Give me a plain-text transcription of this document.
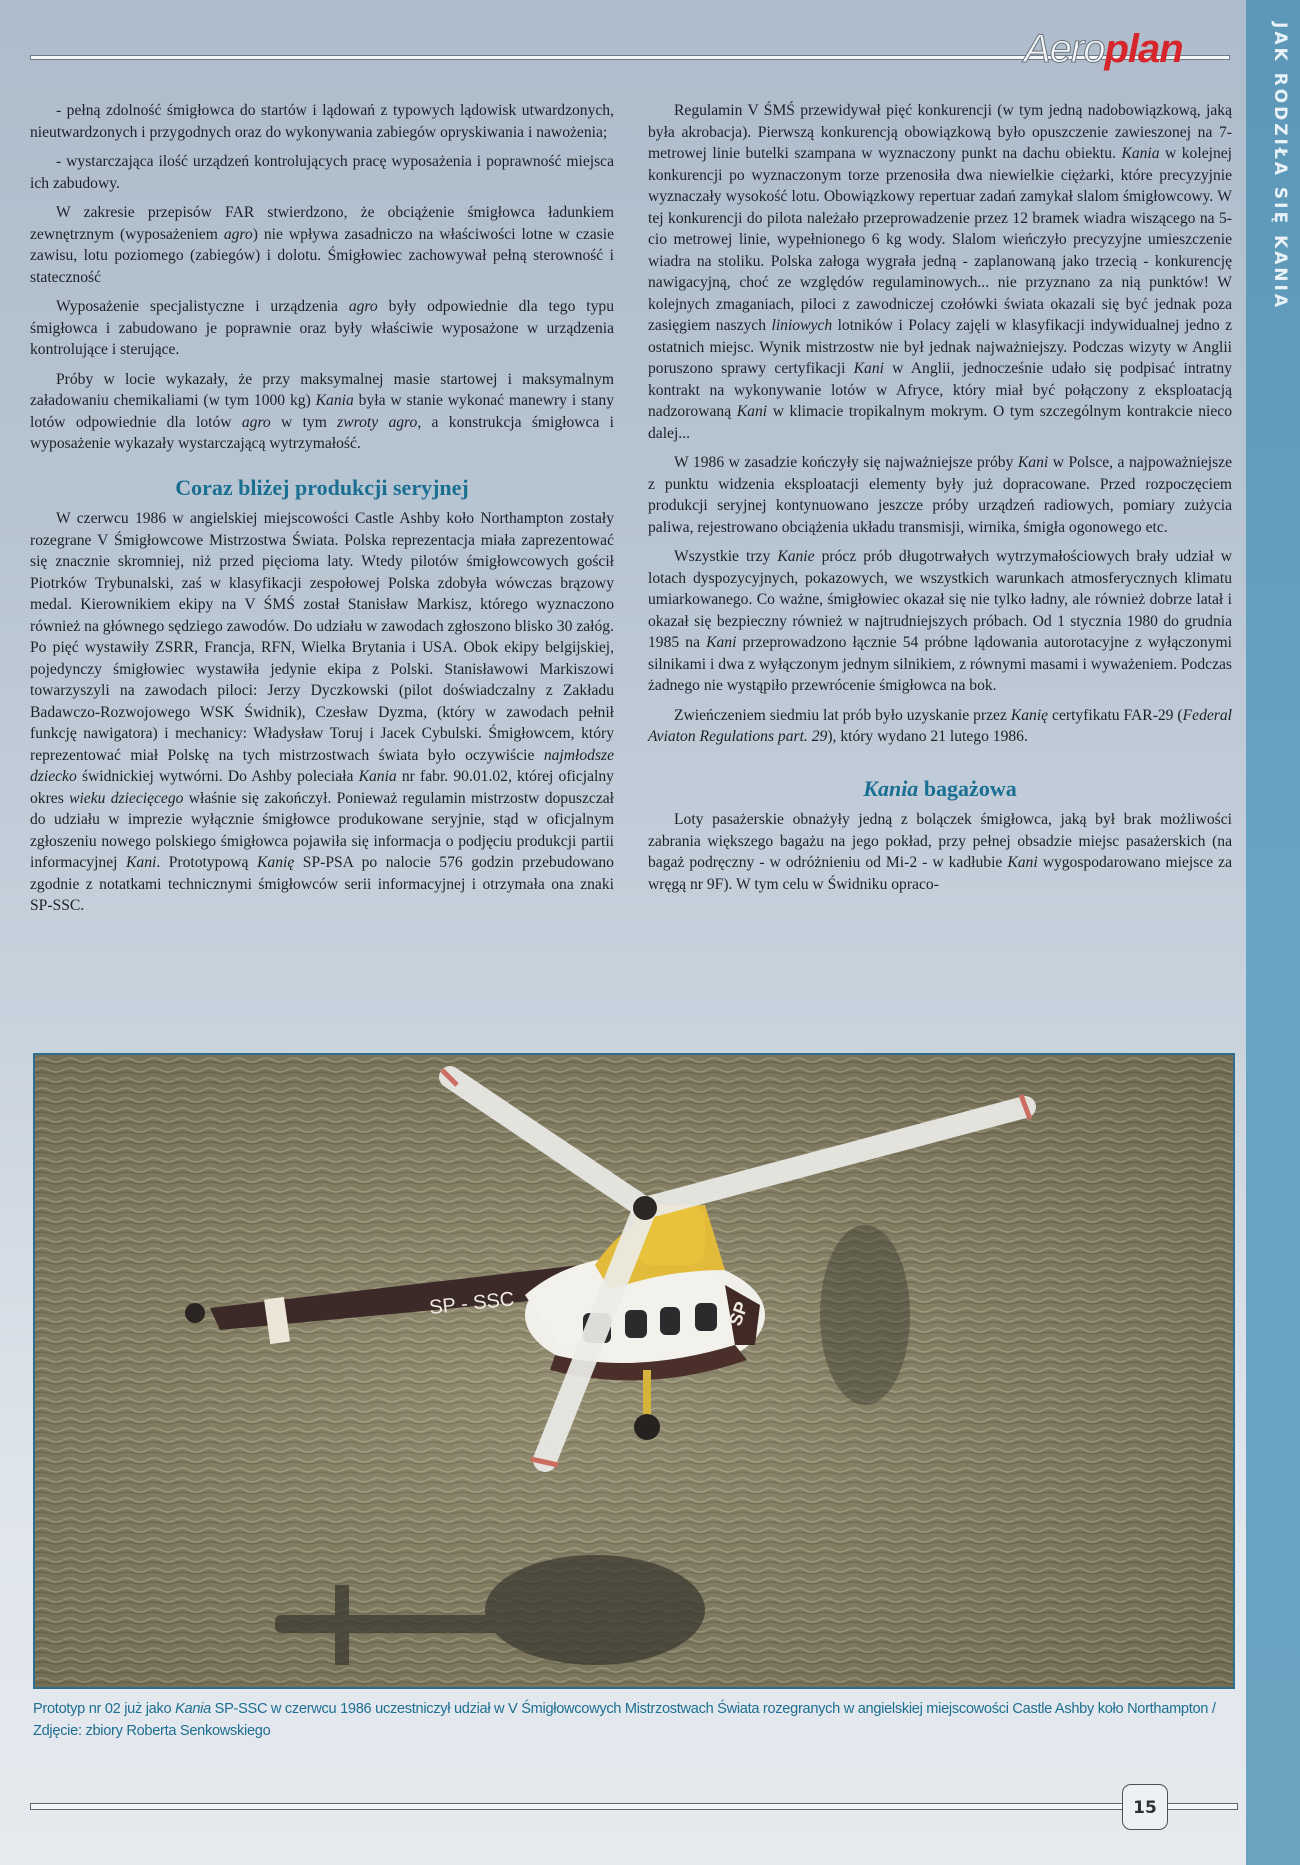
JAK RODZIŁA SIĘ KANIA
Aeroplan

- pełną zdolność śmigłowca do startów i lądowań z typowych lądowisk utwardzonych, nieutwardzonych i przygodnych oraz do wykonywania zabiegów opryskiwania i nawożenia;

- wystarczająca ilość urządzeń kontrolujących pracę wyposażenia i poprawność miejsca ich zabudowy.

W zakresie przepisów FAR stwierdzono, że obciążenie śmigłowca ładunkiem zewnętrznym (wyposażeniem agro) nie wpływa zasadniczo na właściwości lotne w czasie zawisu, lotu poziomego (zabiegów) i dolotu. Śmigłowiec zachowywał pełną sterowność i stateczność

Wyposażenie specjalistyczne i urządzenia agro były odpowiednie dla tego typu śmigłowca i zabudowano je poprawnie oraz były właściwie wyposażone w urządzenia kontrolujące i sterujące.

Próby w locie wykazały, że przy maksymalnej masie startowej i maksymalnym załadowaniu chemikaliami (w tym 1000 kg) Kania była w stanie wykonać manewry i stany lotów odpowiednie dla lotów agro w tym zwroty agro, a konstrukcja śmigłowca i wyposażenie wykazały wystarczającą wytrzymałość.

Coraz bliżej produkcji seryjnej

W czerwcu 1986 w angielskiej miejscowości Castle Ashby koło Northampton zostały rozegrane V Śmigłowcowe Mistrzostwa Świata. Polska reprezentacja miała zaprezentować się znacznie skromniej, niż przed pięcioma laty. Wtedy pilotów śmigłowcowych gościł Piotrków Trybunalski, zaś w klasyfikacji zespołowej Polska zdobyła wówczas brązowy medal. Kierownikiem ekipy na V ŚMŚ został Stanisław Markisz, którego wyznaczono również na głównego sędziego zawodów. Do udziału w zawodach zgłoszono blisko 30 załóg. Po pięć wystawiły ZSRR, Francja, RFN, Wielka Brytania i USA. Obok ekipy belgijskiej, pojedynczy śmigłowiec wystawiła jedynie ekipa z Polski. Stanisławowi Markiszowi towarzyszyli na zawodach piloci: Jerzy Dyczkowski (pilot doświadczalny z Zakładu Badawczo-Rozwojowego WSK Świdnik), Czesław Dyzma, (który w zawodach pełnił funkcję nawigatora) i mechanicy: Władysław Toruj i Jacek Cybulski. Śmigłowcem, który reprezentować miał Polskę na tych mistrzostwach świata było oczywiście najmłodsze dziecko świdnickiej wytwórni. Do Ashby poleciała Kania nr fabr. 90.01.02, której oficjalny okres wieku dziecięcego właśnie się zakończył. Ponieważ regulamin mistrzostw dopuszczał do udziału w imprezie wyłącznie śmigłowce produkowane seryjnie, stąd w oficjalnym zgłoszeniu nowego polskiego śmigłowca pojawiła się informacja o podjęciu produkcji partii informacyjnej Kani. Prototypową Kanię SP-PSA po nalocie 576 godzin przebudowano zgodnie z notatkami technicznymi śmigłowców serii informacyjnej i otrzymała ona znaki SP-SSC.

Regulamin V ŚMŚ przewidywał pięć konkurencji (w tym jedną nadobowiązkową, jaką była akrobacja). Pierwszą konkurencją obowiązkową było opuszczenie zawieszonej na 7-metrowej linie butelki szampana w wyznaczony punkt na dachu obiektu. Kania w kolejnej konkurencji po wyznaczonym torze przenosiła dwa niewielkie ciężarki, które precyzyjnie wyznaczały wysokość lotu. Obowiązkowy repertuar zadań zamykał slalom śmigłowcowy. W tej konkurencji do pilota należało przeprowadzenie przez 12 bramek wiadra wiszącego na 5-cio metrowej linie, wypełnionego 6 kg wody. Slalom wieńczyło precyzyjne umieszczenie wiadra na stoliku. Polska załoga wygrała jedną - zaplanowaną jako trzecią - konkurencję nawigacyjną, choć ze względów regulaminowych... nie przyznano za nią punktów! W kolejnych zmaganiach, piloci z zawodniczej czołówki świata okazali się być jednak poza zasięgiem naszych liniowych lotników i Polacy zajęli w klasyfikacji indywidualnej jedno z ostatnich miejsc. Wynik mistrzostw nie był jednak najważniejszy. Podczas wizyty w Anglii poruszono sprawy certyfikacji Kani w Anglii, jednocześnie udało się podpisać intratny kontrakt na wykonywanie lotów w Afryce, który miał być połączony z eksploatacją nadzorowaną Kani w klimacie tropikalnym mokrym. O tym szczególnym kontrakcie nieco dalej...

W 1986 w zasadzie kończyły się najważniejsze próby Kani w Polsce, a najpoważniejsze z punktu widzenia eksploatacji elementy były już dopracowane. Przed rozpoczęciem produkcji seryjnej kontynuowano jeszcze próby urządzeń radiowych, pomiary zużycia paliwa, rejestrowano obciążenia układu transmisji, wirnika, śmigła ogonowego etc.

Wszystkie trzy Kanie prócz prób długotrwałych wytrzymałościowych brały udział w lotach dyspozycyjnych, pokazowych, we wszystkich warunkach atmosferycznych klimatu umiarkowanego. Co ważne, śmigłowiec okazał się nie tylko ładny, ale również dobrze latał i okazał się bezpieczny również w najtrudniejszych próbach. Od 1 stycznia 1980 do grudnia 1985 na Kani przeprowadzono łącznie 54 próbne lądowania autorotacyjne z wyłączonymi silnikami i dwa z wyłączonym jednym silnikiem, z równymi masami i wyważeniem. Podczas żadnego nie wystąpiło przewrócenie śmigłowca na bok.

Zwieńczeniem siedmiu lat prób było uzyskanie przez Kanię certyfikatu FAR-29 (Federal Aviaton Regulations part. 29), który wydano 21 lutego 1986.

Kania bagażowa

Loty pasażerskie obnażyły jedną z bolączek śmigłowca, jaką był brak możliwości zabrania większego bagażu na jego pokład, przy pełnej obsadzie miejsc pasażerskich (na bagaż podręczny - w odróżnieniu od Mi-2 - w kadłubie Kani wygospodarowano miejsce za wręgą nr 9F). W tym celu w Świdniku opraco-

SP - SSC	SP
Prototyp nr 02 już jako Kania SP-SSC w czerwcu 1986 uczestniczył udział w V Śmigłowcowych Mistrzostwach Świata rozegranych w angielskiej miejscowości Castle Ashby koło Northampton / Zdjęcie: zbiory Roberta Senkowskiego
15
